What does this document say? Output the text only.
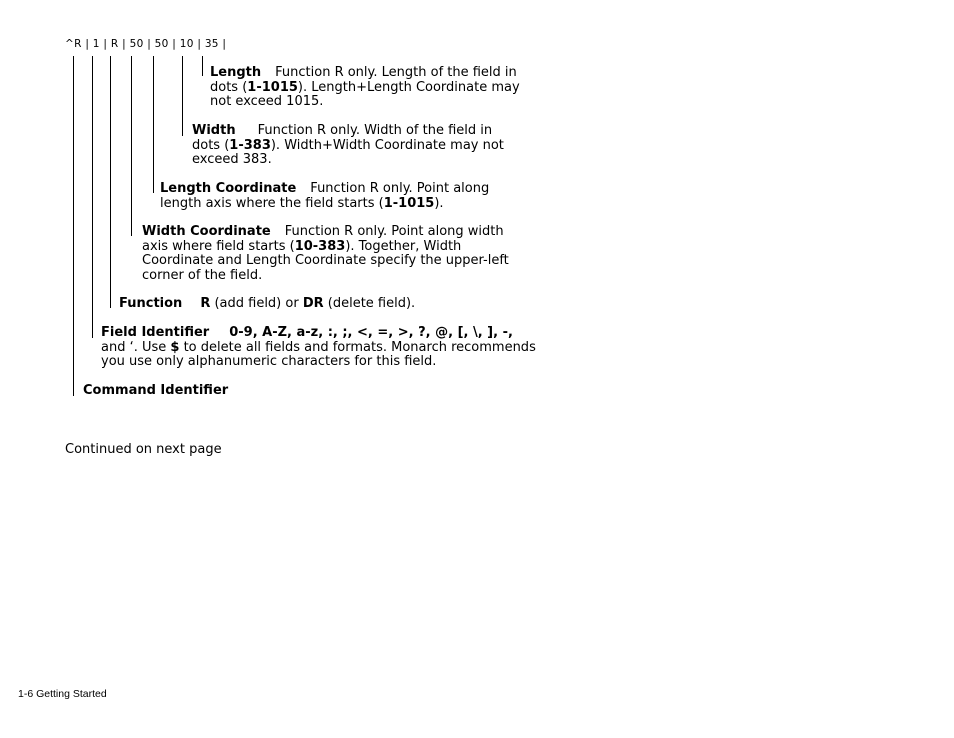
^R | 1 | R | 50 | 50 | 10 | 35 |
Length Function R only. Length of the field in dots (1-1015). Length+Length Coordinate may not exceed 1015.
Width Function R only. Width of the field in dots (1-383). Width+Width Coordinate may not exceed 383.
Length Coordinate Function R only. Point along length axis where the field starts (1-1015).
Width Coordinate Function R only. Point along width axis where field starts (10-383). Together, Width Coordinate and Length Coordinate specify the upper-left corner of the field.
Function R (add field) or DR (delete field).
Field Identifier 0-9, A-Z, a-z, :, ;, <, =, >, ?, @, [, \, ], -,
and ‘. Use $ to delete all fields and formats. Monarch recommends you use only alphanumeric characters for this field.
Command Identifier
Continued on next page
1-6 Getting Started
